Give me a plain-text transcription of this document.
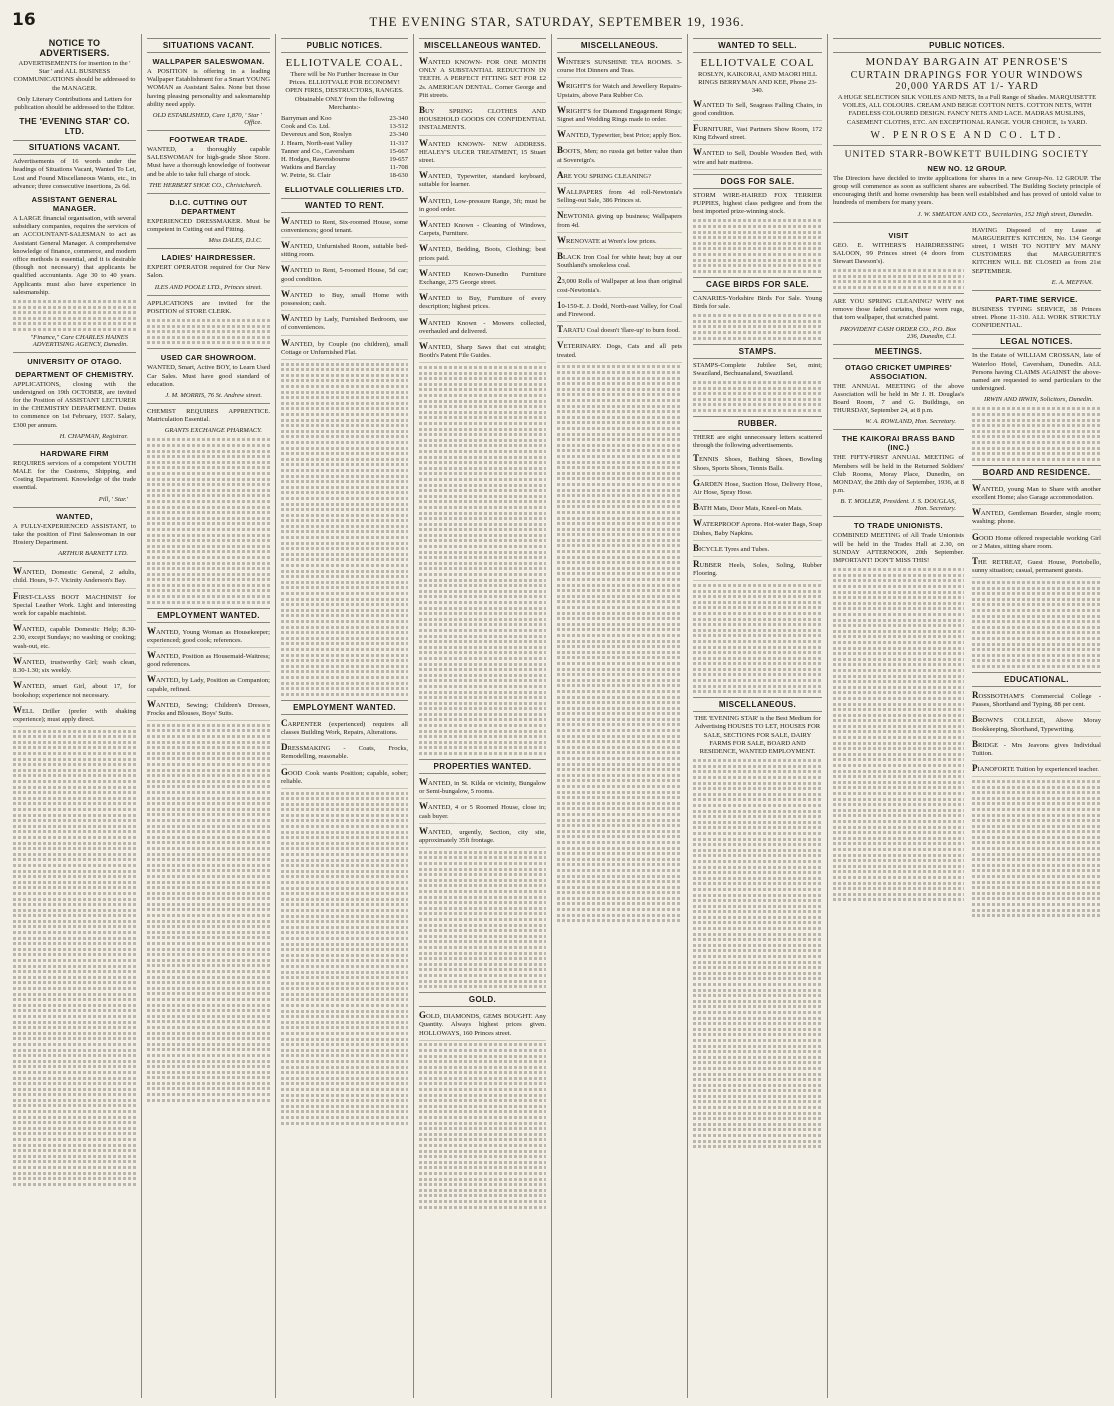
16	THE EVENING STAR, SATURDAY, SEPTEMBER 19, 1936.
NOTICE TO ADVERTISERS.
ADVERTISEMENTS for insertion in the ' Star ' and ALL BUSINESS COMMUNICATIONS should be addressed to the MANAGER.
Only Literary Contributions and Letters for publication should be addressed to the Editor.
THE 'EVENING STAR' CO. LTD.
SITUATIONS VACANT.
Advertisements of 16 words under the headings of Situations Vacant, Wanted To Let, Lost and Found Miscellaneous Wants, etc., in advance; three consecutive insertions, 2s 6d.
ASSISTANT GENERAL MANAGER.
A LARGE financial organisation, with several subsidiary companies, requires the services of an ACCOUNTANT-SALESMAN to act as Assistant General Manager. A comprehensive knowledge of finance, commerce, and modern office methods is essential, and it is desirable (though not necessary) that applicants be qualified accountants. Age 30 to 40 years. Applicants must also have experience in salesmanship.
"Finance," Care CHARLES HAINES ADVERTISING AGENCY, Dunedin.
UNIVERSITY OF OTAGO.
DEPARTMENT OF CHEMISTRY.
APPLICATIONS, closing with the undersigned on 19th OCTOBER, are invited for the Position of ASSISTANT LECTURER in the CHEMISTRY DEPARTMENT. Duties to commence on 1st February, 1937. Salary, £300 per annum.
H. CHAPMAN, Registrar.
HARDWARE FIRM
REQUIRES services of a competent YOUTH MALE for the Customs, Shipping, and Costing Department. Knowledge of the trade essential.
Pill, ' Star.'
WANTED,
A FULLY-EXPERIENCED ASSISTANT, to take the position of First Saleswoman in our Hosiery Department.
ARTHUR BARNETT LTD.
WANTED, Domestic General, 2 adults, child. Hours, 9-7. Vicinity Anderson's Bay.
FIRST-CLASS BOOT MACHINIST for Special Leather Work. Light and interesting work for capable machinist.
WANTED, capable Domestic Help; 8.30-2.30, except Sundays; no washing or cooking; wash-out, etc.
WANTED, trustworthy Girl; wash clean, 8.30-1.30; six weekly.
WANTED, smart Girl, about 17, for bookshop; experience not necessary.
WELL Driller (prefer with shaking experience); must apply direct.
SITUATIONS VACANT.
WALLPAPER SALESWOMAN.
A POSITION is offering in a leading Wallpaper Establishment for a Smart YOUNG WOMAN as Assistant Sales. None but those having pleasing personality and salesmanship ability need apply.
OLD ESTABLISHED, Care 1,870, ' Star ' Office.
FOOTWEAR TRADE.
WANTED, a thoroughly capable SALESWOMAN for high-grade Shoe Store. Must have a thorough knowledge of footwear and be able to take full charge of stock.
THE HERBERT SHOE CO., Christchurch.
D.I.C. CUTTING OUT DEPARTMENT
EXPERIENCED DRESSMAKER. Must be competent in Cutting out and Fitting.
Miss DALES, D.I.C.
LADIES' HAIRDRESSER.
EXPERT OPERATOR required for Our New Salon.
ILES AND POOLE LTD., Princes street.
APPLICATIONS are invited for the POSITION of STORE CLERK.
USED CAR SHOWROOM.
WANTED, Smart, Active BOY, to Learn Used Car Sales. Must have good standard of education.
J. M. MORRIS, 76 St. Andrew street.
CHEMIST REQUIRES APPRENTICE. Matriculation Essential.
GRANTS EXCHANGE PHARMACY.
EMPLOYMENT WANTED.
WANTED, Young Woman as Housekeeper; experienced; good cook; references.
WANTED, Position as Housemaid-Waitress; good references.
WANTED, by Lady, Position as Companion; capable, refined.
WANTED, Sewing; Children's Dresses, Frocks and Blouses, Boys' Suits.
PUBLIC NOTICES.
ELLIOTVALE COAL.
There will be No Further Increase in Our Prices. ELLIOTVALE FOR ECONOMY! OPEN FIRES, DESTRUCTORS, RANGES. Obtainable ONLY from the following Merchants:-
Barryman and Koo	23-340
Cook and Co. Ltd.	13-512
Devereux and Son, Roslyn	23-340
J. Hearn, North-east Valley	11-317
Tanner and Co., Caversham	15-667
H. Hodges, Ravensbourne	19-657
Watkins and Barclay	11-708
W. Petrie, St. Clair	18-630
ELLIOTVALE COLLIERIES LTD.
WANTED TO RENT.
WANTED to Rent, Six-roomed House, some conveniences; good tenant.
WANTED, Unfurnished Room, suitable bed-sitting room.
WANTED to Rent, 5-roomed House, 5d car; good condition.
WANTED to Buy, small Home with possession; cash.
WANTED by Lady, Furnished Bedroom, use of conveniences.
WANTED, by Couple (no children), small Cottage or Unfurnished Flat.
EMPLOYMENT WANTED.
CARPENTER (experienced) requires all classes Building Work, Repairs, Alterations.
DRESSMAKING - Coats, Frocks, Remodelling, reasonable.
GOOD Cook wants Position; capable, sober; reliable.
MISCELLANEOUS WANTED.
WANTED KNOWN- FOR ONE MONTH ONLY A SUBSTANTIAL REDUCTION IN TEETH. A PERFECT FITTING SET FOR £2 2s. AMERICAN DENTAL. Corner George and Pitt streets.
BUY SPRING CLOTHES AND HOUSEHOLD GOODS ON CONFIDENTIAL INSTALMENTS.
WANTED KNOWN- NEW ADDRESS. HEALEY'S ULCER TREATMENT, 15 Stuart street.
WANTED, Typewriter, standard keyboard, suitable for learner.
WANTED, Low-pressure Range, 3ft; must be in good order.
WANTED Known - Cleaning of Windows, Carpets, Furniture.
WANTED, Bedding, Boots, Clothing; best prices paid.
WANTED Known-Dunedin Furniture Exchange, 275 George street.
WANTED to Buy, Furniture of every description; highest prices.
WANTED Known - Mowers collected, overhauled and delivered.
WANTED, Sharp Saws that cut straight; Booth's Patent File Guides.
PROPERTIES WANTED.
WANTED, in St. Kilda or vicinity, Bungalow or Semi-bungalow, 5 rooms.
WANTED, 4 or 5 Roomed House, close in; cash buyer.
WANTED, urgently, Section, city site, approximately 35ft frontage.
GOLD.
GOLD, DIAMONDS, GEMS BOUGHT. Any Quantity. Always highest prices given. HOLLOWAYS, 160 Princes street.
MISCELLANEOUS.
WINTER'S SUNSHINE TEA ROOMS. 3-course Hot Dinners and Teas.
WRIGHT'S for Watch and Jewellery Repairs-Upstairs, above Para Rubber Co.
WRIGHT'S for Diamond Engagement Rings; Signet and Wedding Rings made to order.
WANTED, Typewriter, best Price; apply Box.
BOOTS, Men; no russia get better value than at Sovereign's.
ARE YOU SPRING CLEANING?
WALLPAPERS from 4d roll-Newtonia's Selling-out Sale, 386 Princes st.
NEWTONIA giving up business; Wallpapers from 4d.
WRENOVATE at Wren's low prices.
BLACK Iron Coal for white heat; buy at our Southland's smokeless coal.
23,000 Rolls of Wallpaper at less than original cost-Newtonia's.
10-159-E. J. Dodd, North-east Valley, for Coal and Firewood.
TARATU Coal doesn't 'flare-up' to burn food.
VETERINARY. Dogs, Cats and all pets treated.
WANTED TO SELL.
ELLIOTVALE COAL
ROSLYN, KAIKORAI, AND MAORI HILL RINGS BERRYMAN AND KEE, Phone 23-340.
WANTED To Sell, Seagrass Falling Chairs, in good condition.
FURNITURE, Vast Partners Show Room, 172 King Edward street.
WANTED to Sell, Double Wooden Bed, with wire and hair mattress.
DOGS FOR SALE.
STORM WIRE-HAIRED FOX TERRIER PUPPIES, highest class pedigree and from the best imported prize-winning stock.
CAGE BIRDS FOR SALE.
CANARIES-Yorkshire Birds For Sale. Young Birds for sale.
STAMPS.
STAMPS-Complete Jubilee Set, mint; Swaziland, Bechuanaland, Swaziland.
RUBBER.
THERE are eight unnecessary letters scattered through the following advertisements.
TENNIS Shoes, Bathing Shoes, Bowling Shoes, Sports Shoes, Tennis Balls.
GARDEN Hose, Suction Hose, Delivery Hose, Air Hose, Spray Hose.
BATH Mats, Door Mats, Kneel-on Mats.
WATERPROOF Aprons. Hot-water Bags, Soap Dishes, Baby Napkins.
BICYCLE Tyres and Tubes.
RUBBER Heels, Soles, Soling, Rubber Flooring.
MISCELLANEOUS.
THE 'EVENING STAR' is the Best Medium for Advertising HOUSES TO LET, HOUSES FOR SALE, SECTIONS FOR SALE, DAIRY FARMS FOR SALE, BOARD AND RESIDENCE, WANTED EMPLOYMENT.
PUBLIC NOTICES.
MONDAY BARGAIN AT PENROSE'S
CURTAIN DRAPINGS FOR YOUR WINDOWS 20,000 YARDS AT 1/- YARD
A HUGE SELECTION SILK VOILES AND NETS, In a Full Range of Shades. MARQUISETTE VOILES, ALL COLOURS. CREAM AND BEIGE COTTON NETS. COTTON NETS, WITH FADELESS COLOURED DESIGN. FANCY NETS AND LACE. MADRAS MUSLINS, CASEMENT CLOTHS, ETC. AN EXCEPTIONAL RANGE. YOUR CHOICE, 1s YARD.
W. PENROSE AND CO. LTD.
UNITED STARR-BOWKETT BUILDING SOCIETY
NEW NO. 12 GROUP.
The Directors have decided to invite applications for shares in a new Group-No. 12 GROUP. The group will commence as soon as sufficient shares are subscribed. The Building Society principle of encouraging thrift and home ownership has been well established and has proved of untold value to hundreds of members for many years.
J. W. SMEATON AND CO., Secretaries, 152 High street, Dunedin.
VISIT
GEO. E. WITHERS'S HAIRDRESSING SALOON, 99 Princes street (4 doors from Stewart Dawson's).
ARE YOU SPRING CLEANING? WHY not remove those faded curtains, those worn rugs, that torn wallpaper, that scratched paint.
PROVIDENT CASH ORDER CO., P.O. Box 236, Dunedin, C.I.
MEETINGS.
OTAGO CRICKET UMPIRES' ASSOCIATION.
THE ANNUAL MEETING of the above Association will be held in Mr J. H. Douglas's Board Room, 7 and G. Buildings, on THURSDAY, September 24, at 8 p.m.
W. A. ROWLAND, Hon. Secretary.
THE KAIKORAI BRASS BAND (INC.)
THE FIFTY-FIRST ANNUAL MEETING of Members will be held in the Returned Soldiers' Club Rooms, Moray Place, Dunedin, on MONDAY, the 28th day of September, 1936, at 8 p.m.
B. T. MOLLER, President. J. S. DOUGLAS, Hon. Secretary.
TO TRADE UNIONISTS.
COMBINED MEETING of All Trade Unionists will be held in the Trades Hall at 2.30, on SUNDAY AFTERNOON, 20th September. IMPORTANT! DON'T MISS THIS!
HAVING Disposed of my Lease at MARGUERITE'S KITCHEN, No. 134 George street, I WISH TO NOTIFY MY MANY CUSTOMERS that MARGUERITE'S KITCHEN WILL BE CLOSED as from 21st SEPTEMBER.
E. A. MEFFAN.
PART-TIME SERVICE.
BUSINESS TYPING SERVICE, 38 Princes street. Phone 11-310. ALL WORK STRICTLY CONFIDENTIAL.
LEGAL NOTICES.
In the Estate of WILLIAM CROSSAN, late of Waterloo Hotel, Caversham, Dunedin. ALL Persons having CLAIMS AGAINST the above-named are requested to send particulars to the undersigned.
IRWIN AND IRWIN, Solicitors, Dunedin.
BOARD AND RESIDENCE.
WANTED, young Man to Share with another excellent Home; also Garage accommodation.
WANTED, Gentleman Boarder, single room; washing; phone.
GOOD Home offered respectable working Girl or 2 Mates, sitting share room.
THE RETREAT, Guest House, Portobello, sunny situation; casual, permanent guests.
EDUCATIONAL.
ROSSBOTHAM'S Commercial College - Passes, Shorthand and Typing, 88 per cent.
BROWN'S COLLEGE, Above Moray Bookkeeping, Shorthand, Typewriting.
BRIDGE - Mrs Jeavons gives Individual Tuition.
PIANOFORTE Tuition by experienced teacher.
